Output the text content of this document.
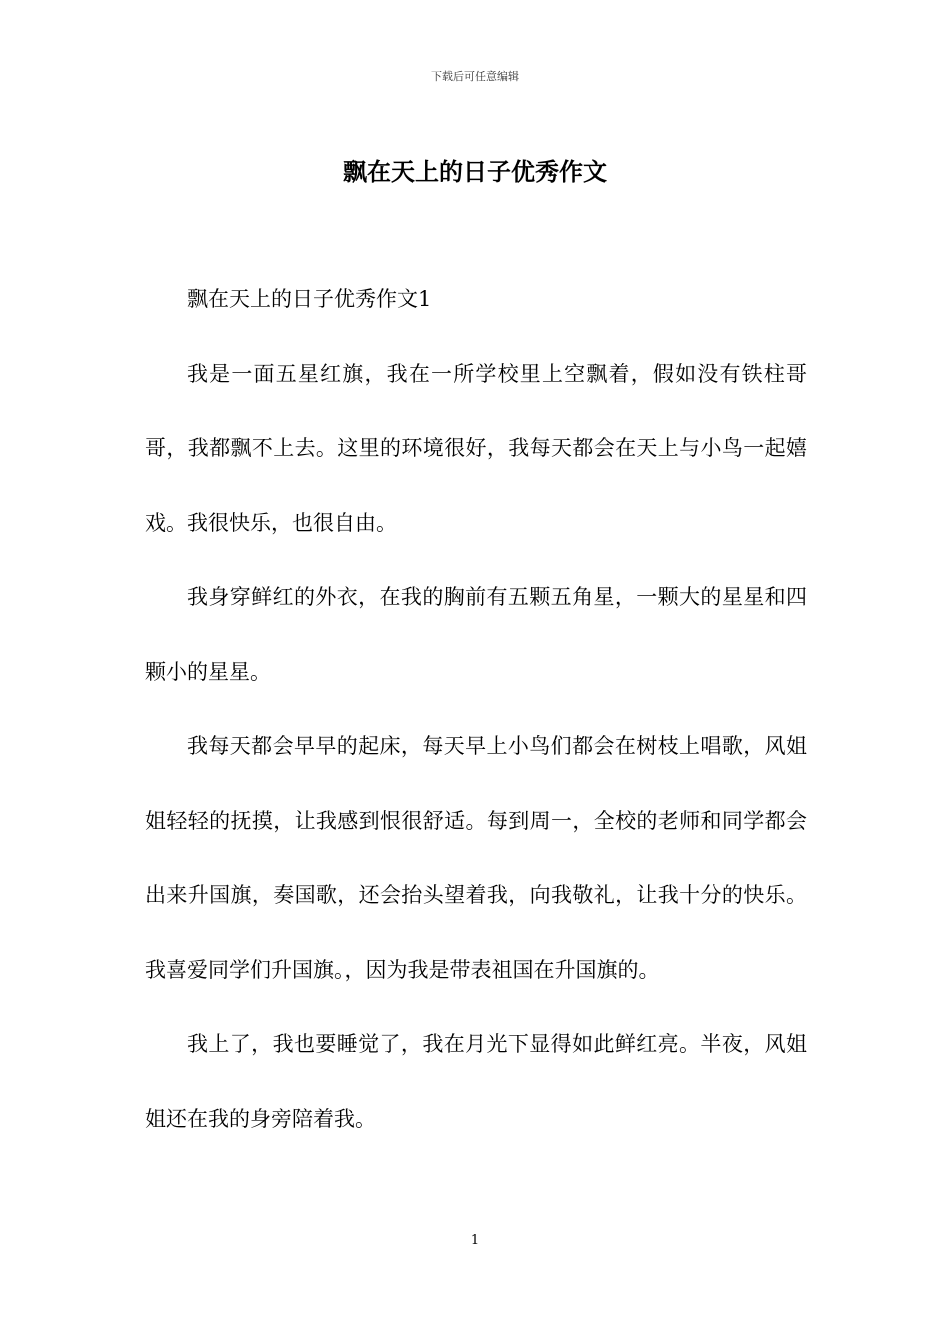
下载后可任意编辑
飘在天上的日子优秀作文

飘在天上的日子优秀作文1

我是一面五星红旗，我在一所学校里上空飘着，假如没有铁柱哥哥，我都飘不上去。这里的环境很好，我每天都会在天上与小鸟一起嬉戏。我很快乐，也很自由。

我身穿鲜红的外衣，在我的胸前有五颗五角星，一颗大的星星和四颗小的星星。

我每天都会早早的起床，每天早上小鸟们都会在树枝上唱歌，风姐姐轻轻的抚摸，让我感到恨很舒适。每到周一，全校的老师和同学都会出来升国旗，奏国歌，还会抬头望着我，向我敬礼，让我十分的快乐。我喜爱同学们升国旗。，因为我是带表祖国在升国旗的。

我上了，我也要睡觉了，我在月光下显得如此鲜红亮。半夜，风姐姐还在我的身旁陪着我。

1
